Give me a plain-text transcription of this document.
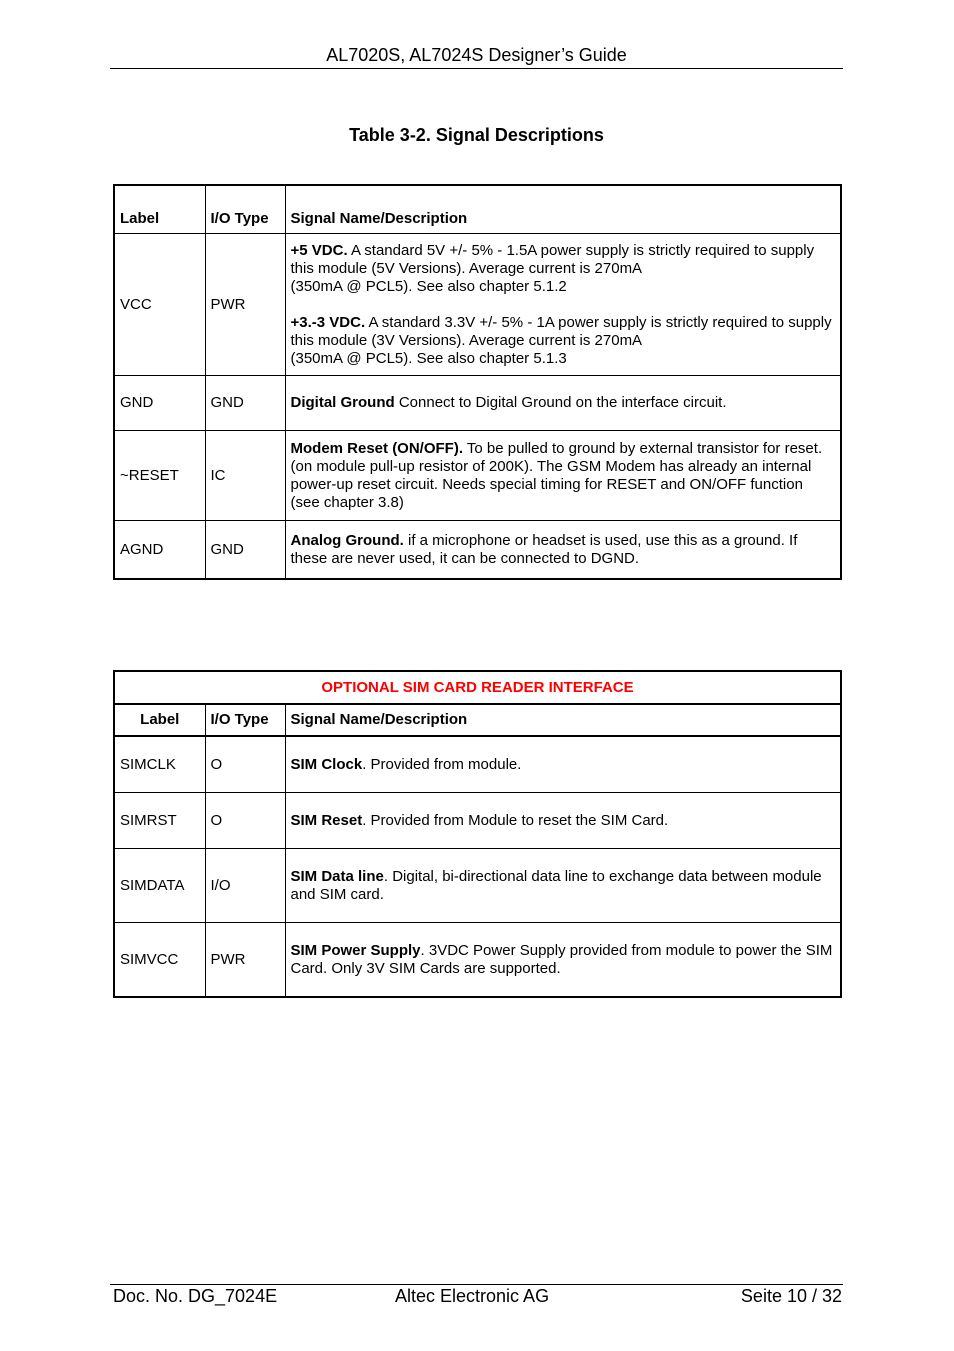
AL7020S, AL7024S Designer’s Guide
Table 3-2. Signal Descriptions
Label	I/O Type	Signal Name/Description
VCC	PWR	+5 VDC. A standard 5V +/- 5% - 1.5A power supply is strictly required to supply this module (5V Versions). Average current is 270mA
(350mA @ PCL5). See also chapter 5.1.2
+3.-3 VDC. A standard 3.3V +/- 5% - 1A power supply is strictly required to supply this module (3V Versions). Average current is 270mA
(350mA @ PCL5). See also chapter 5.1.3

GND	GND	Digital Ground Connect to Digital Ground on the interface circuit.
~RESET	IC	Modem Reset (ON/OFF). To be pulled to ground by external transistor for reset. (on module pull-up resistor of 200K). The GSM Modem has already an internal power-up reset circuit. Needs special timing for RESET and ON/OFF function (see chapter 3.8)
AGND	GND	Analog Ground. if a microphone or headset is used, use this as a ground. If these are never used, it can be connected to DGND.
OPTIONAL SIM CARD READER INTERFACE		
Label	I/O Type	Signal Name/Description
SIMCLK	O	SIM Clock. Provided from module.
SIMRST	O	SIM Reset. Provided from Module to reset the SIM Card.
SIMDATA	I/O	SIM Data line. Digital, bi-directional data line to exchange data between module and SIM card.
SIMVCC	PWR	SIM Power Supply. 3VDC Power Supply provided from module to power the SIM Card. Only 3V SIM Cards are supported.
Doc. No. DG_7024E	Altec Electronic AG	Seite 10 / 32
